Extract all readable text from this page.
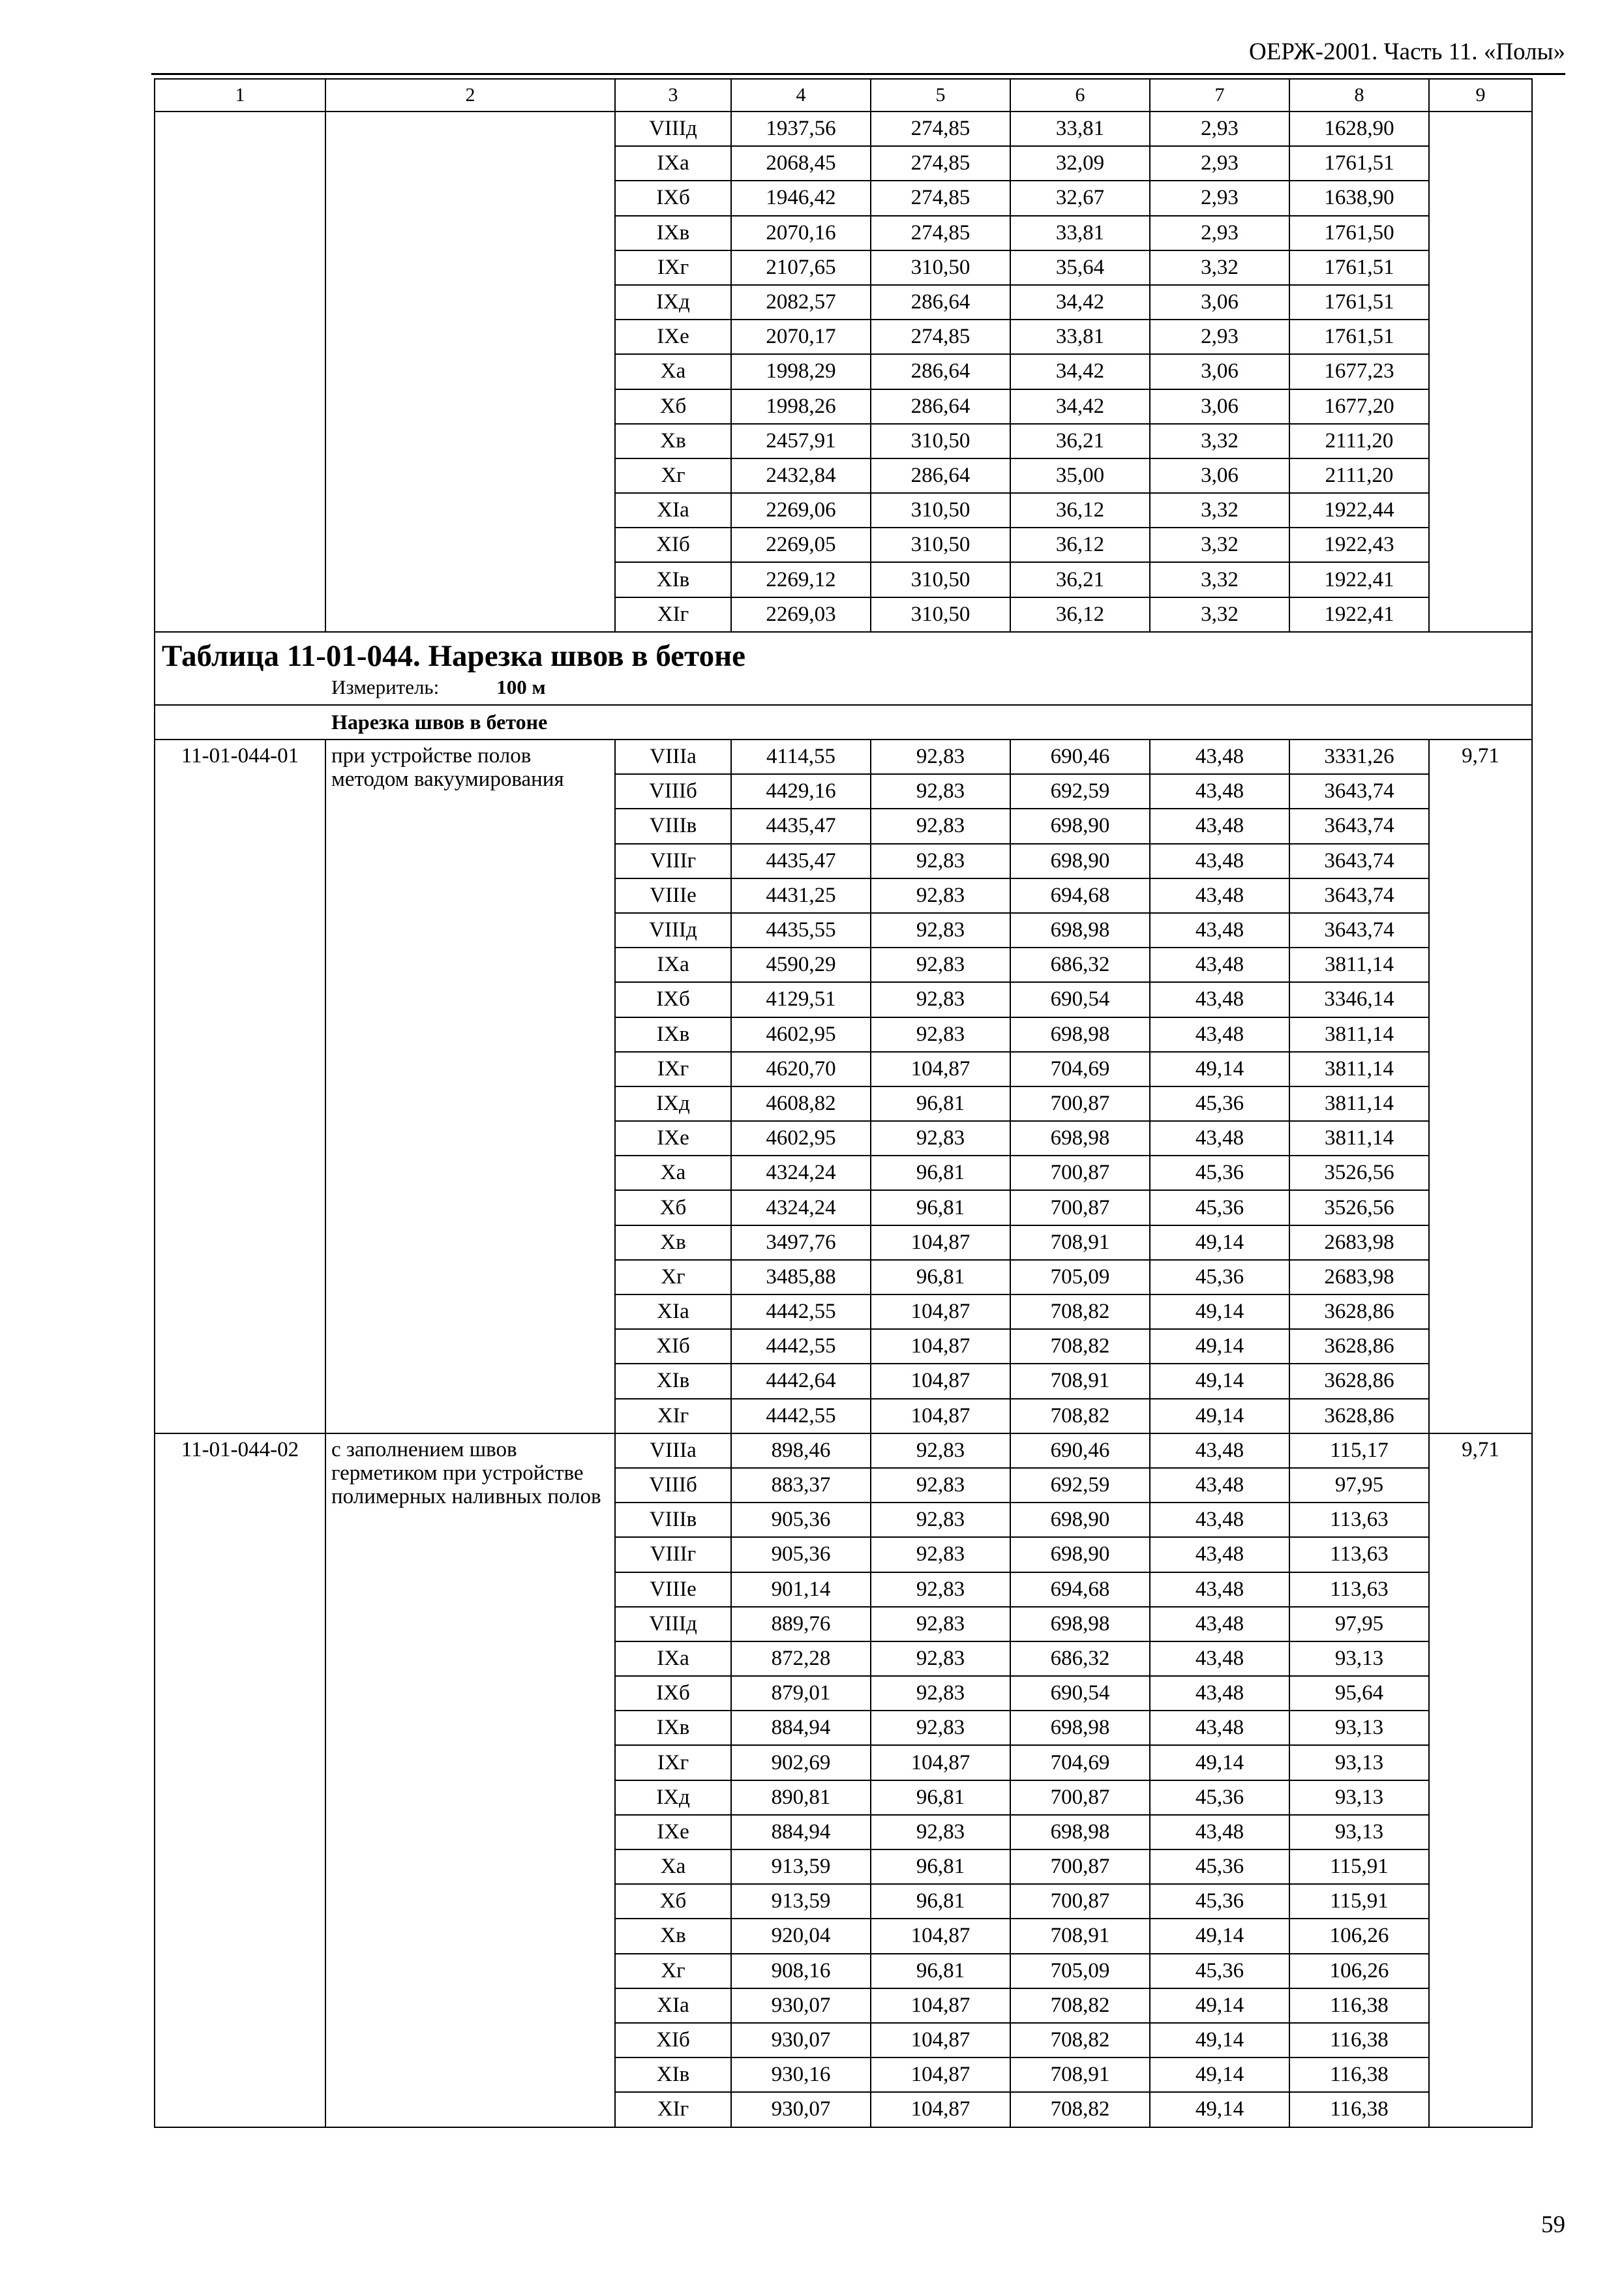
ОЕРЖ-2001. Часть 11. «Полы»
1	2	3	4	5	6	7	8	9
		VIIIд	1937,56	274,85	33,81	2,93	1628,90	
		IXа	2068,45	274,85	32,09	2,93	1761,51	
		IXб	1946,42	274,85	32,67	2,93	1638,90	
		IXв	2070,16	274,85	33,81	2,93	1761,50	
		IXг	2107,65	310,50	35,64	3,32	1761,51	
		IXд	2082,57	286,64	34,42	3,06	1761,51	
		IXе	2070,17	274,85	33,81	2,93	1761,51	
		Xа	1998,29	286,64	34,42	3,06	1677,23	
		Xб	1998,26	286,64	34,42	3,06	1677,20	
		Xв	2457,91	310,50	36,21	3,32	2111,20	
		Xг	2432,84	286,64	35,00	3,06	2111,20	
		XIа	2269,06	310,50	36,12	3,32	1922,44	
		XIб	2269,05	310,50	36,12	3,32	1922,43	
		XIв	2269,12	310,50	36,21	3,32	1922,41	
		XIг	2269,03	310,50	36,12	3,32	1922,41	

Таблица 11-01-044. Нарезка швов в бетоне
Измеритель: 100 м								

Нарезка швов в бетоне								
11-01-044-01	при устройстве полов методом вакуумирования	VIIIа	4114,55	92,83	690,46	43,48	3331,26	9,71
		VIIIб	4429,16	92,83	692,59	43,48	3643,74	
		VIIIв	4435,47	92,83	698,90	43,48	3643,74	
		VIIIг	4435,47	92,83	698,90	43,48	3643,74	
		VIIIе	4431,25	92,83	694,68	43,48	3643,74	
		VIIIд	4435,55	92,83	698,98	43,48	3643,74	
		IXа	4590,29	92,83	686,32	43,48	3811,14	
		IXб	4129,51	92,83	690,54	43,48	3346,14	
		IXв	4602,95	92,83	698,98	43,48	3811,14	
		IXг	4620,70	104,87	704,69	49,14	3811,14	
		IXд	4608,82	96,81	700,87	45,36	3811,14	
		IXе	4602,95	92,83	698,98	43,48	3811,14	
		Xа	4324,24	96,81	700,87	45,36	3526,56	
		Xб	4324,24	96,81	700,87	45,36	3526,56	
		Xв	3497,76	104,87	708,91	49,14	2683,98	
		Xг	3485,88	96,81	705,09	45,36	2683,98	
		XIа	4442,55	104,87	708,82	49,14	3628,86	
		XIб	4442,55	104,87	708,82	49,14	3628,86	
		XIв	4442,64	104,87	708,91	49,14	3628,86	
		XIг	4442,55	104,87	708,82	49,14	3628,86	
11-01-044-02	с заполнением швов герметиком при устройстве полимерных наливных полов	VIIIа	898,46	92,83	690,46	43,48	115,17	9,71
		VIIIб	883,37	92,83	692,59	43,48	97,95	
		VIIIв	905,36	92,83	698,90	43,48	113,63	
		VIIIг	905,36	92,83	698,90	43,48	113,63	
		VIIIе	901,14	92,83	694,68	43,48	113,63	
		VIIIд	889,76	92,83	698,98	43,48	97,95	
		IXа	872,28	92,83	686,32	43,48	93,13	
		IXб	879,01	92,83	690,54	43,48	95,64	
		IXв	884,94	92,83	698,98	43,48	93,13	
		IXг	902,69	104,87	704,69	49,14	93,13	
		IXд	890,81	96,81	700,87	45,36	93,13	
		IXе	884,94	92,83	698,98	43,48	93,13	
		Xа	913,59	96,81	700,87	45,36	115,91	
		Xб	913,59	96,81	700,87	45,36	115,91	
		Xв	920,04	104,87	708,91	49,14	106,26	
		Xг	908,16	96,81	705,09	45,36	106,26	
		XIа	930,07	104,87	708,82	49,14	116,38	
		XIб	930,07	104,87	708,82	49,14	116,38	
		XIв	930,16	104,87	708,91	49,14	116,38	
		XIг	930,07	104,87	708,82	49,14	116,38	
59
